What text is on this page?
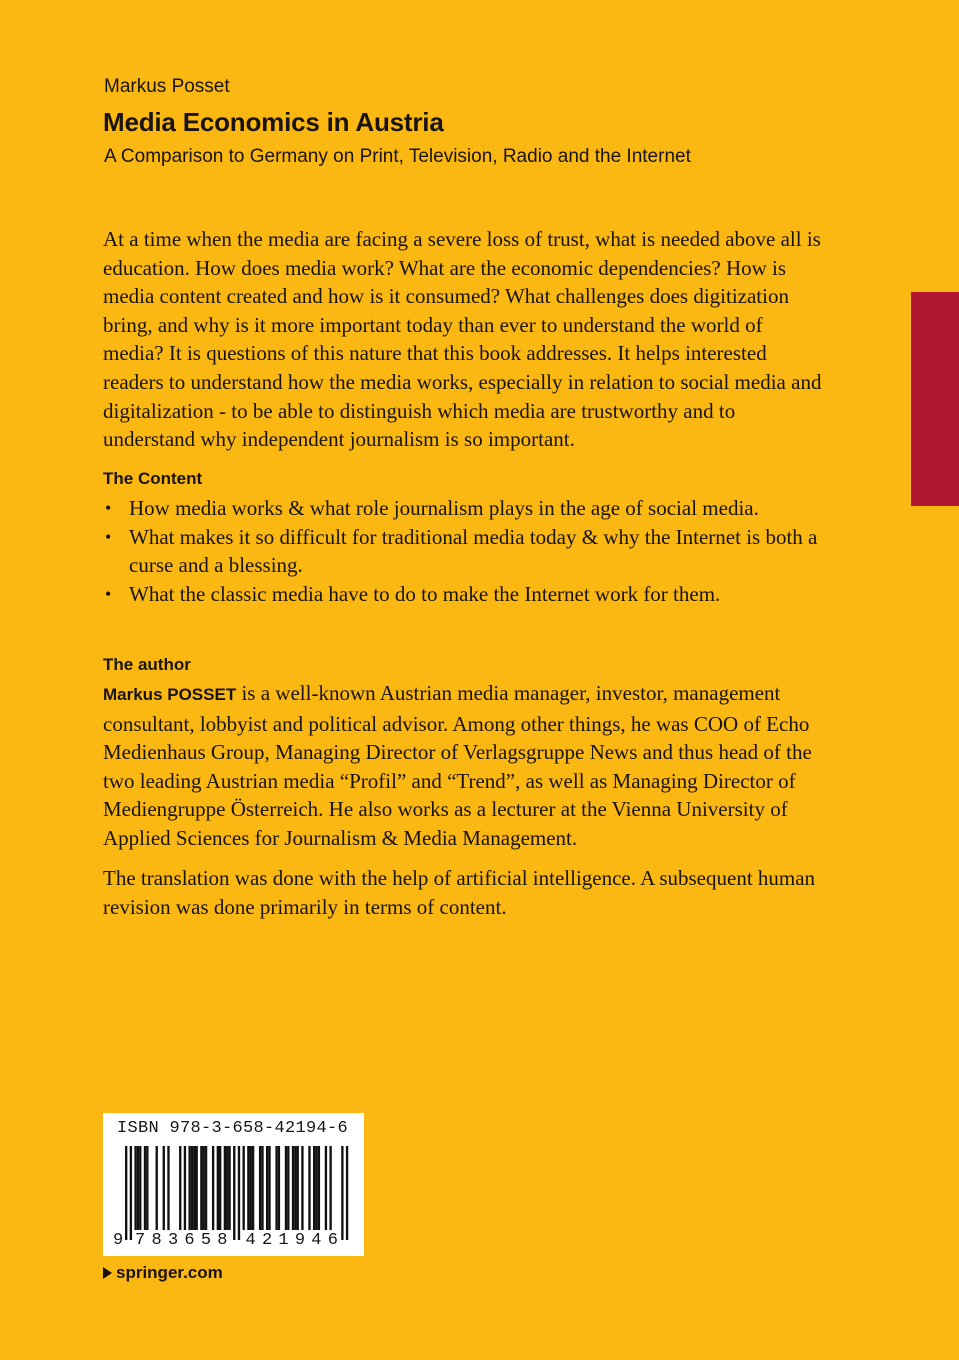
Markus Posset
Media Economics in Austria
A Comparison to Germany on Print, Television, Radio and the Internet

At a time when the media are facing a severe loss of trust, what is needed above all is education. How does media work? What are the economic dependencies? How is media content created and how is it consumed? What challenges does digitization bring, and why is it more important today than ever to understand the world of media? It is questions of this nature that this book addresses. It helps interested readers to understand how the media works, especially in relation to social media and digitalization - to be able to distinguish which media are trustworthy and to understand why independent journalism is so important.

The Content
• How media works & what role journalism plays in the age of social media.
• What makes it so difficult for traditional media today & why the Internet is both a curse and a blessing.
• What the classic media have to do to make the Internet work for them.
The author

Markus POSSET is a well-known Austrian media manager, investor, management consultant, lobbyist and political advisor. Among other things, he was COO of Echo Medienhaus Group, Managing Director of Verlagsgruppe News and thus head of the two leading Austrian media “Profil” and “Trend”, as well as Managing Director of Mediengruppe Österreich. He also works as a lecturer at the Vienna University of Applied Sciences for Journalism & Media Management.

The translation was done with the help of artificial intelligence. A subsequent human revision was done primarily in terms of content.

ISBN 978-3-658-42194-6
9 7 8 3 6 5 8 4 2 1 9 4 6
springer.com
